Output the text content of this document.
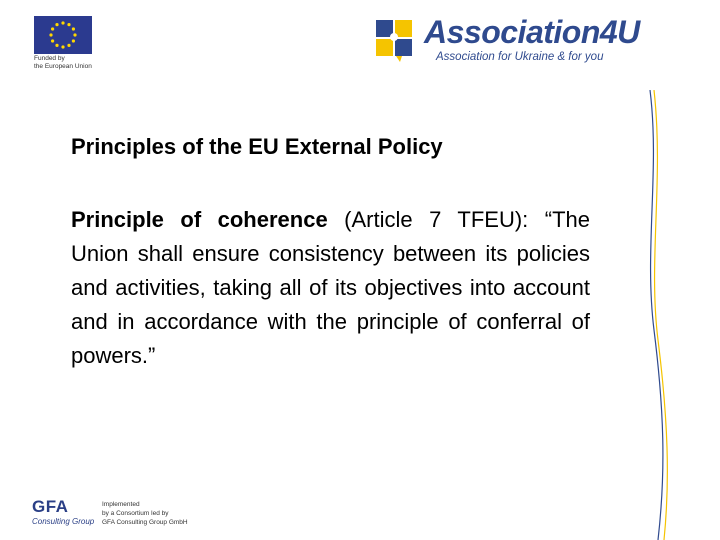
Funded by
the European Union
Association4U
Association for Ukraine & for you
Principles of the EU External Policy
Principle of coherence (Article 7 TFEU): “The Union shall ensure consistency between its policies and activities, taking all of its objectives into account and in accordance with the principle of conferral of powers.”
GFA
Consulting Group
Implemented
by a Consortium led by
GFA Consulting Group GmbH
